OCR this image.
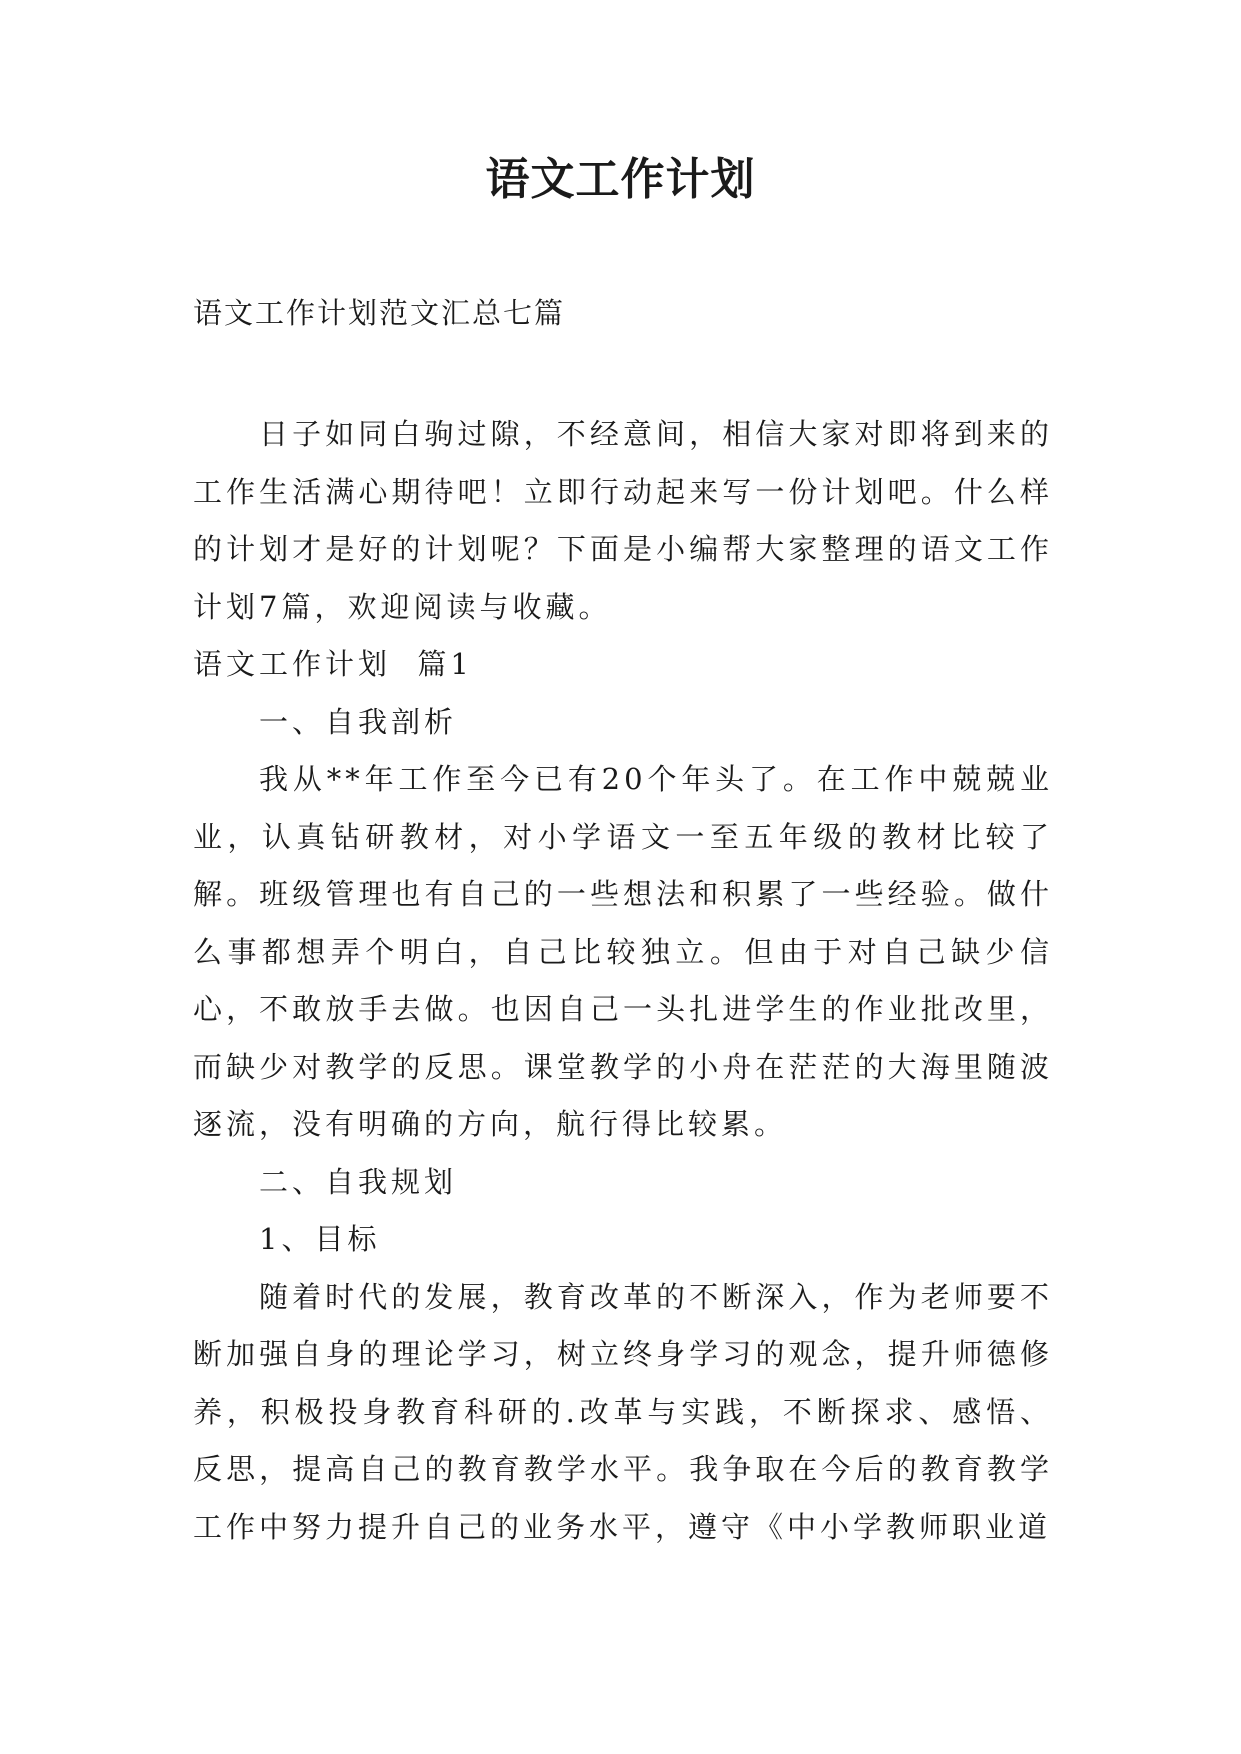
语文工作计划

语文工作计划范文汇总七篇

日子如同白驹过隙，不经意间，相信大家对即将到来的工作生活满心期待吧！立即行动起来写一份计划吧。什么样的计划才是好的计划呢？下面是小编帮大家整理的语文工作计划7篇，欢迎阅读与收藏。

语文工作计划  篇1

一、自我剖析

我从**年工作至今已有20个年头了。在工作中兢兢业业，认真钻研教材，对小学语文一至五年级的教材比较了解。班级管理也有自己的一些想法和积累了一些经验。做什么事都想弄个明白，自己比较独立。但由于对自己缺少信心，不敢放手去做。也因自己一头扎进学生的作业批改里，而缺少对教学的反思。课堂教学的小舟在茫茫的大海里随波逐流，没有明确的方向，航行得比较累。

二、自我规划

1、目标

随着时代的发展，教育改革的不断深入，作为老师要不断加强自身的理论学习，树立终身学习的观念，提升师德修养，积极投身教育科研的.改革与实践，不断探求、感悟、反思，提高自己的教育教学水平。我争取在今后的教育教学工作中努力提升自己的业务水平，遵守《中小学教师职业道
